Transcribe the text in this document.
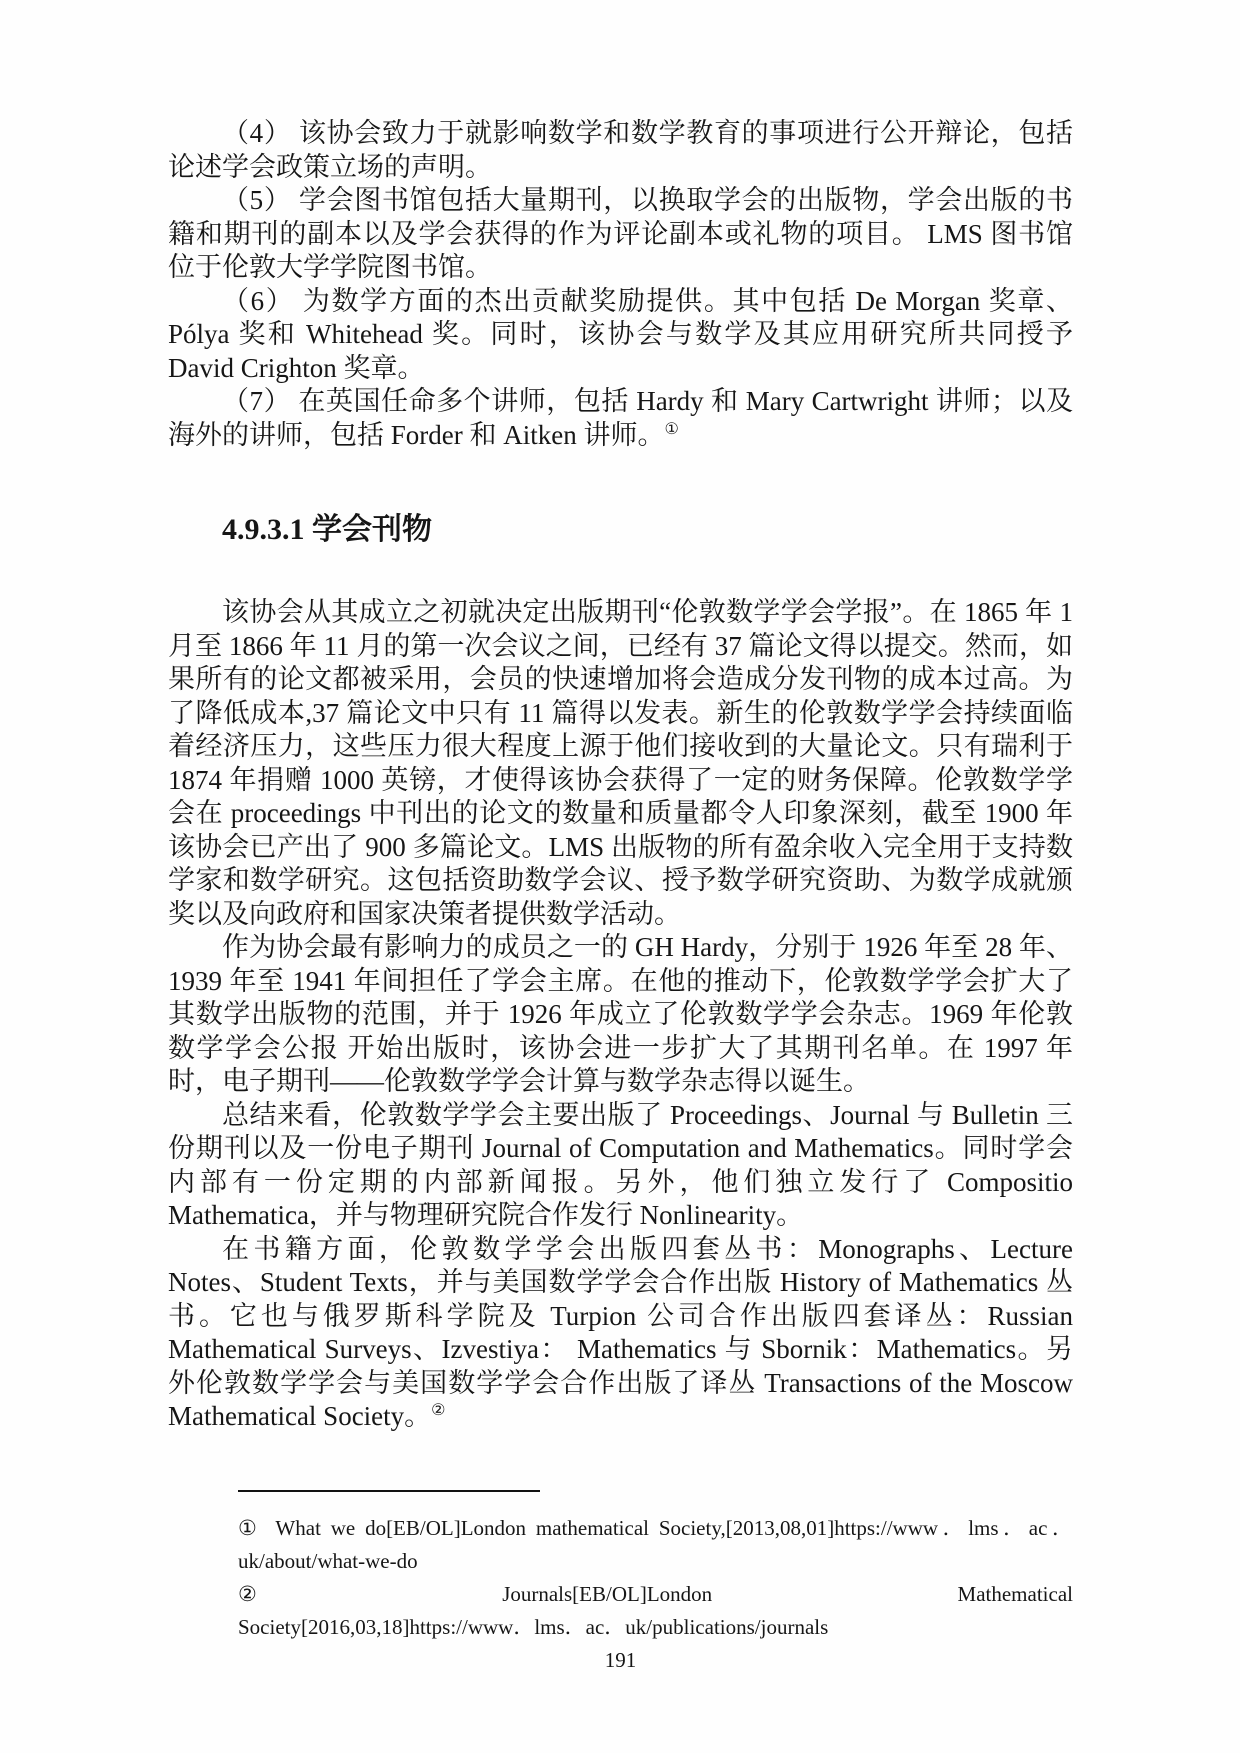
（4） 该协会致力于就影响数学和数学教育的事项进行公开辩论，包括论述学会政策立场的声明。

（5） 学会图书馆包括大量期刊，以换取学会的出版物，学会出版的书籍和期刊的副本以及学会获得的作为评论副本或礼物的项目。 LMS 图书馆位于伦敦大学学院图书馆。

（6） 为数学方面的杰出贡献奖励提供。其中包括 De Morgan 奖章、Pólya 奖和 Whitehead 奖。同时，该协会与数学及其应用研究所共同授予 David Crighton 奖章。

（7） 在英国任命多个讲师，包括 Hardy 和 Mary Cartwright 讲师；以及海外的讲师，包括 Forder 和 Aitken 讲师。①

4.9.3.1 学会刊物

该协会从其成立之初就决定出版期刊“伦敦数学学会学报”。在 1865 年 1 月至 1866 年 11 月的第一次会议之间，已经有 37 篇论文得以提交。然而，如果所有的论文都被采用，会员的快速增加将会造成分发刊物的成本过高。为了降低成本,37 篇论文中只有 11 篇得以发表。新生的伦敦数学学会持续面临着经济压力，这些压力很大程度上源于他们接收到的大量论文。只有瑞利于 1874 年捐赠 1000 英镑，才使得该协会获得了一定的财务保障。伦敦数学学会在 proceedings 中刊出的论文的数量和质量都令人印象深刻，截至 1900 年该协会已产出了 900 多篇论文。LMS 出版物的所有盈余收入完全用于支持数学家和数学研究。这包括资助数学会议、授予数学研究资助、为数学成就颁奖以及向政府和国家决策者提供数学活动。

作为协会最有影响力的成员之一的 GH Hardy，分别于 1926 年至 28 年、1939 年至 1941 年间担任了学会主席。在他的推动下，伦敦数学学会扩大了其数学出版物的范围，并于 1926 年成立了伦敦数学学会杂志。1969 年伦敦数学学会公报 开始出版时，该协会进一步扩大了其期刊名单。在 1997 年时，电子期刊——伦敦数学学会计算与数学杂志得以诞生。

总结来看，伦敦数学学会主要出版了 Proceedings、Journal 与 Bulletin 三份期刊以及一份电子期刊 Journal of Computation and Mathematics。同时学会内部有一份定期的内部新闻报。另外，他们独立发行了 Compositio Mathematica，并与物理研究院合作发行 Nonlinearity。

在书籍方面，伦敦数学学会出版四套丛书：Monographs、Lecture Notes、Student Texts，并与美国数学学会合作出版 History of Mathematics 丛书。它也与俄罗斯科学院及 Turpion 公司合作出版四套译丛：Russian Mathematical Surveys、Izvestiya： Mathematics 与 Sbornik：Mathematics。另外伦敦数学学会与美国数学学会合作出版了译丛 Transactions of the Moscow Mathematical Society。②

① What we do[EB/OL]London mathematical Society,[2013,08,01]https://www．lms．ac．uk/about/what-we-do

②	Journals[EB/OL]London	Mathematical

Society[2016,03,18]https://www．lms．ac．uk/publications/journals

191
